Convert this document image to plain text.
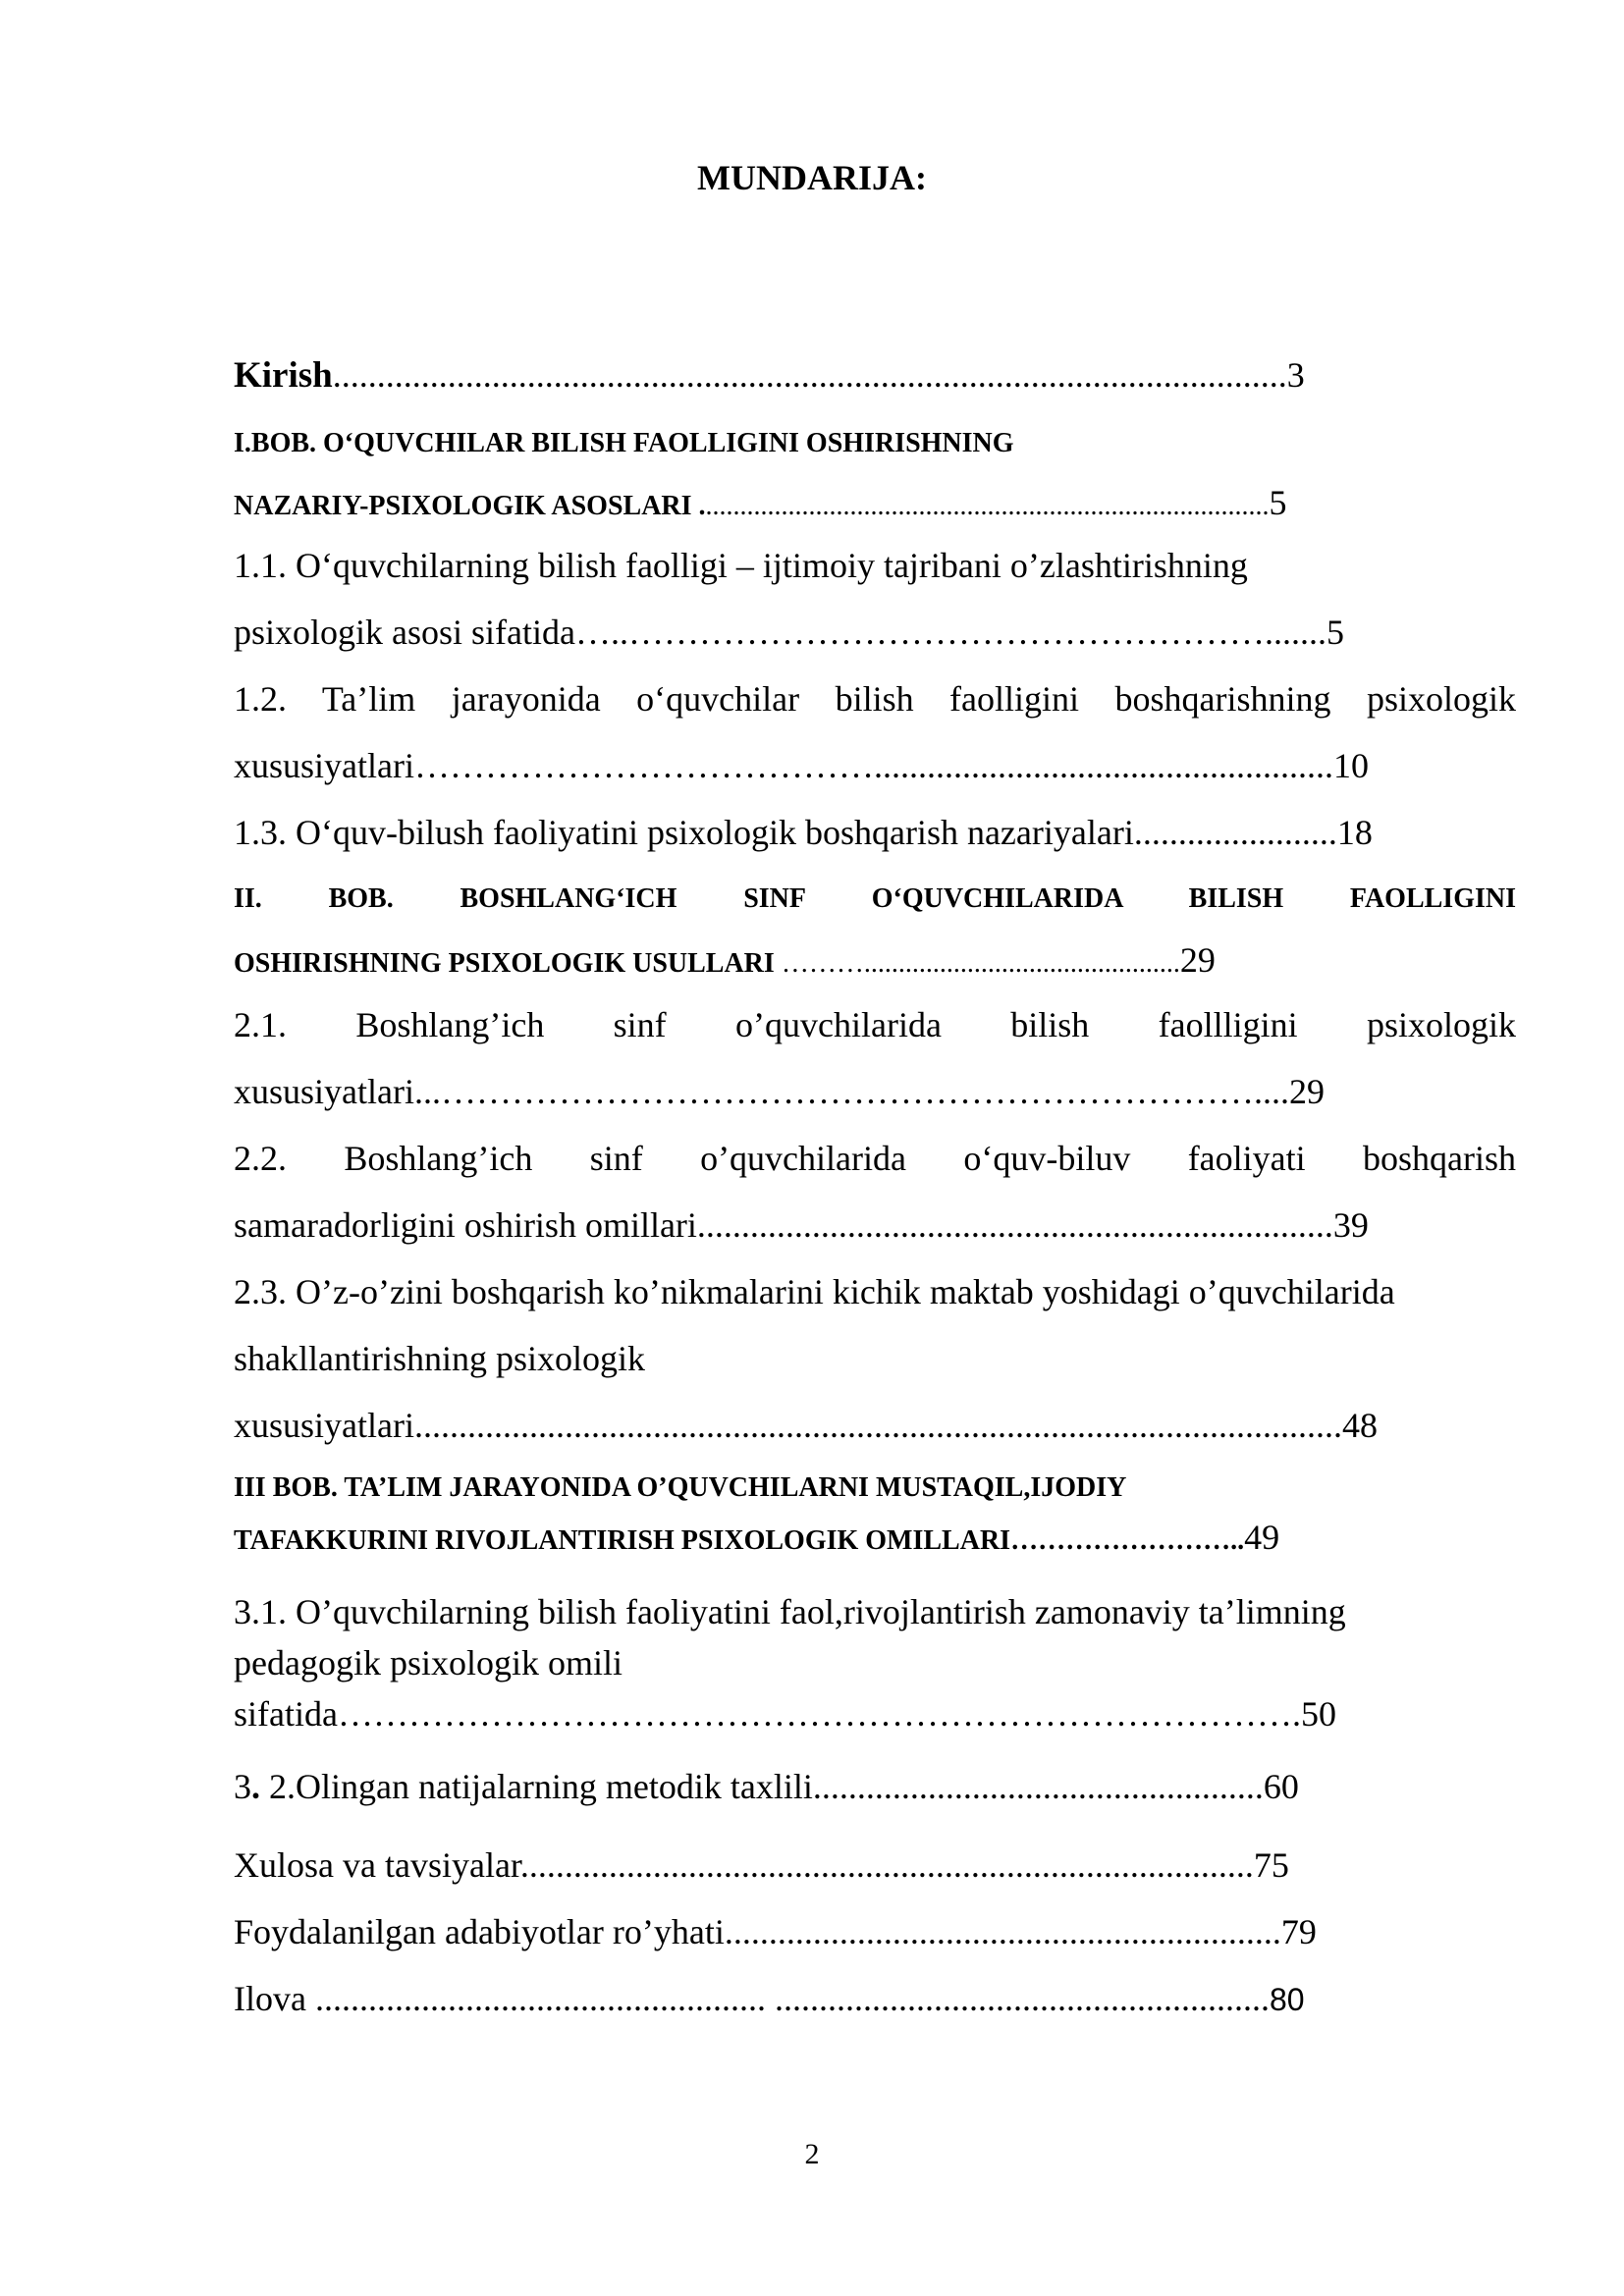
MUNDARIJA:
Kirish............................................................................................................3
I.BOB. O‘QUVCHILAR BILISH FAOLLIGINI OSHIRISHNING
NAZARIY-PSIXOLOGIK ASOSLARI ...................................................................................5
1.1. O‘quvchilarning bilish faolligi – ijtimoiy tajribani o’zlashtirishning
psixologik asosi sifatida…..……………………………………………….......5
1.2. Ta’lim jarayonida o‘quvchilar bilish faolligini boshqarishning psixologik
xususiyatlari…………………………………....................................................10
1.3. O‘quv-bilush faoliyatini psixologik boshqarish nazariyalari.......................18
II. BOB. BOSHLANG‘ICH SINF O‘QUVCHILARIDA BILISH FAOLLIGINI
OSHIRISHNING PSIXOLOGIK USULLARI ………..............................................29
2.1. Boshlang’ich sinf o’quvchilarida bilish faollligini psixologik
xususiyatlari...……………………………………………………………....29
2.2. Boshlang’ich sinf o’quvchilarida o‘quv-biluv faoliyati boshqarish
samaradorligini oshirish omillari........................................................................39
2.3. O’z-o’zini boshqarish ko’nikmalarini kichik maktab yoshidagi o’quvchilarida
shakllantirishning psixologik
xususiyatlari.........................................................................................................48
III BOB. TA’LIM JARAYONIDA O’QUVCHILARNI MUSTAQIL,IJODIY
TAFAKKURINI RIVOJLANTIRISH PSIXOLOGIK OMILLARI……………………..49
3.1. O’quvchilarning bilish faoliyatini faol,rivojlantirish zamonaviy ta’limning
pedagogik psixologik omili
sifatida……………………………………………………………………….50
3. 2.Olingan natijalarning metodik taxlili...................................................60
Xulosa va tavsiyalar...................................................................................75
Foydalanilgan adabiyotlar ro’yhati...............................................................79
Ilova ................................................... ........................................................80
2
